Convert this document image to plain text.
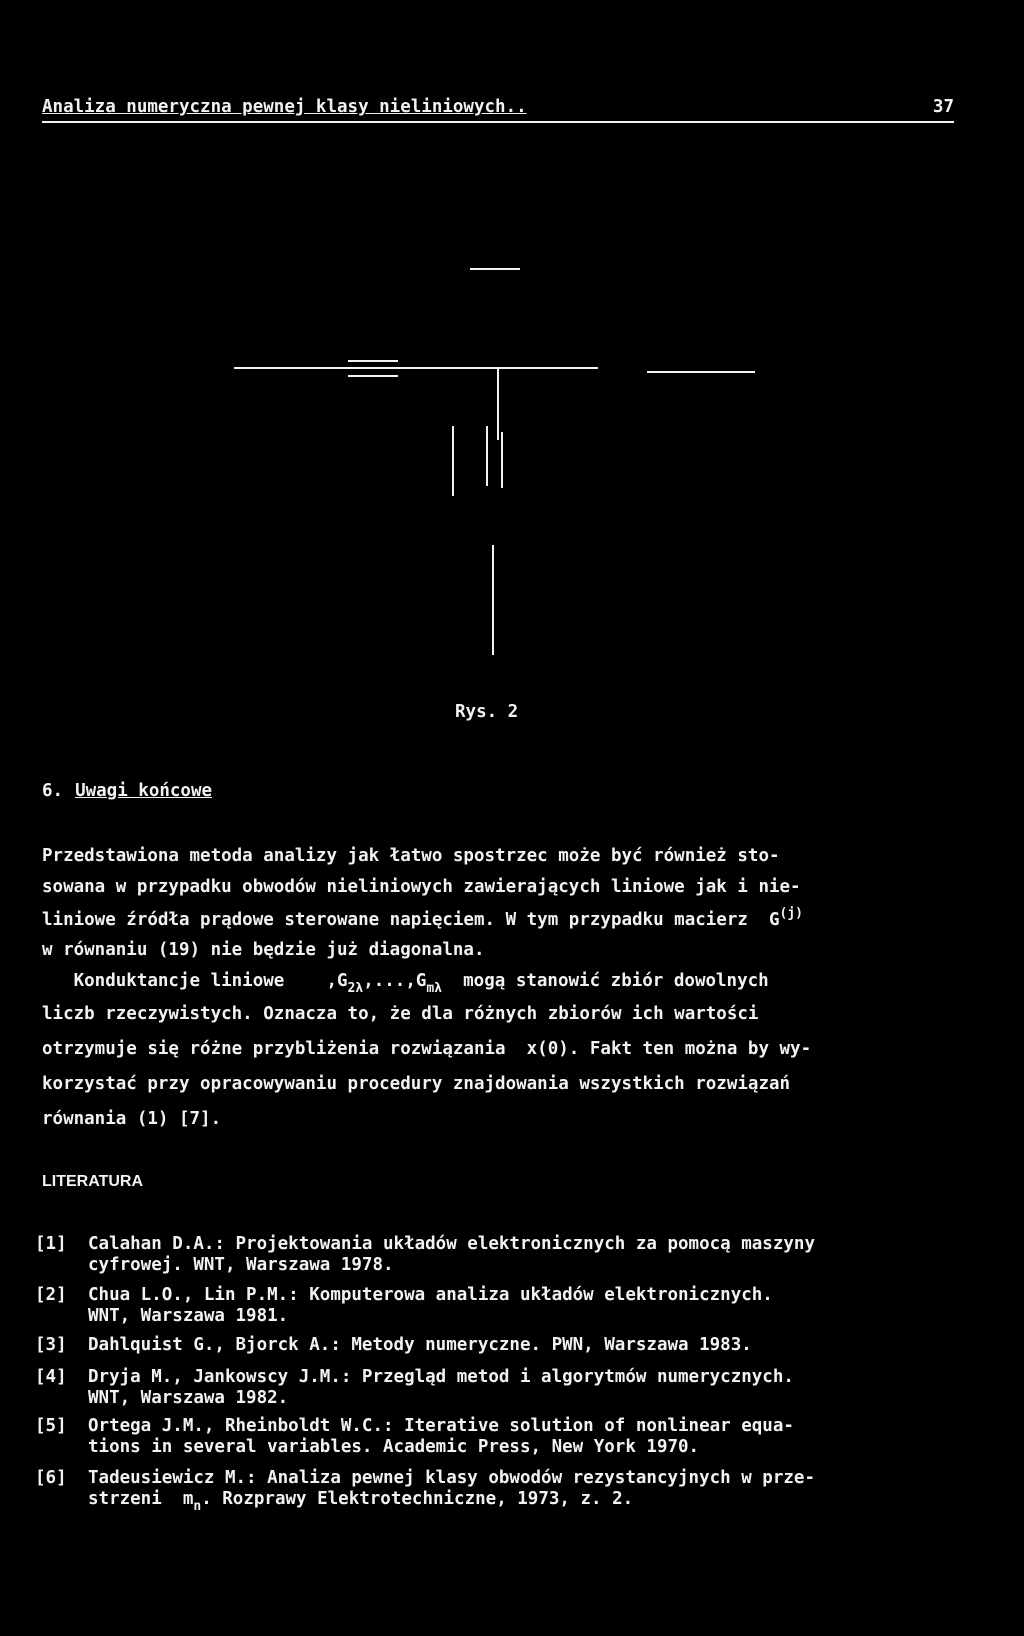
Analiza numeryczna pewnej klasy nieliniowych..

	37

Rys. 2
6. Uwagi końcowe
Przedstawiona metoda analizy jak łatwo spostrzec może być również sto-
sowana w przypadku obwodów nieliniowych zawierających liniowe jak i nie-
liniowe źródła prądowe sterowane napięciem. W tym przypadku macierz  $G^{(j)}$
w równaniu (19) nie będzie już diagonalna.
Konduktancje liniowe    $,G_{2\lambda},...,G_{m\lambda}$  mogą stanowić zbiór dowolnych
liczb rzeczywistych. Oznacza to, że dla różnych zbiorów ich wartości
otrzymuje się różne przybliżenia rozwiązania  x(0). Fakt ten można by wy-
korzystać przy opracowywaniu procedury znajdowania wszystkich rozwiązań
równania (1) [7].
LITERATURA
[1] Calahan D.A.: Projektowania układów elektronicznych za pomocą maszyny
cyfrowej. WNT, Warszawa 1978.
[2] Chua L.O., Lin P.M.: Komputerowa analiza układów elektronicznych.
WNT, Warszawa 1981.
[3] Dahlquist G., Bjorck A.: Metody numeryczne. PWN, Warszawa 1983.
[4] Dryja M., Jankowscy J.M.: Przegląd metod i algorytmów numerycznych.
WNT, Warszawa 1982.
[5] Ortega J.M., Rheinboldt W.C.: Iterative solution of nonlinear equa-
tions in several variables. Academic Press, New York 1970.
[6] Tadeusiewicz M.: Analiza pewnej klasy obwodów rezystancyjnych w prze-
strzeni  $m_n$. Rozprawy Elektrotechniczne, 1973, z. 2.
